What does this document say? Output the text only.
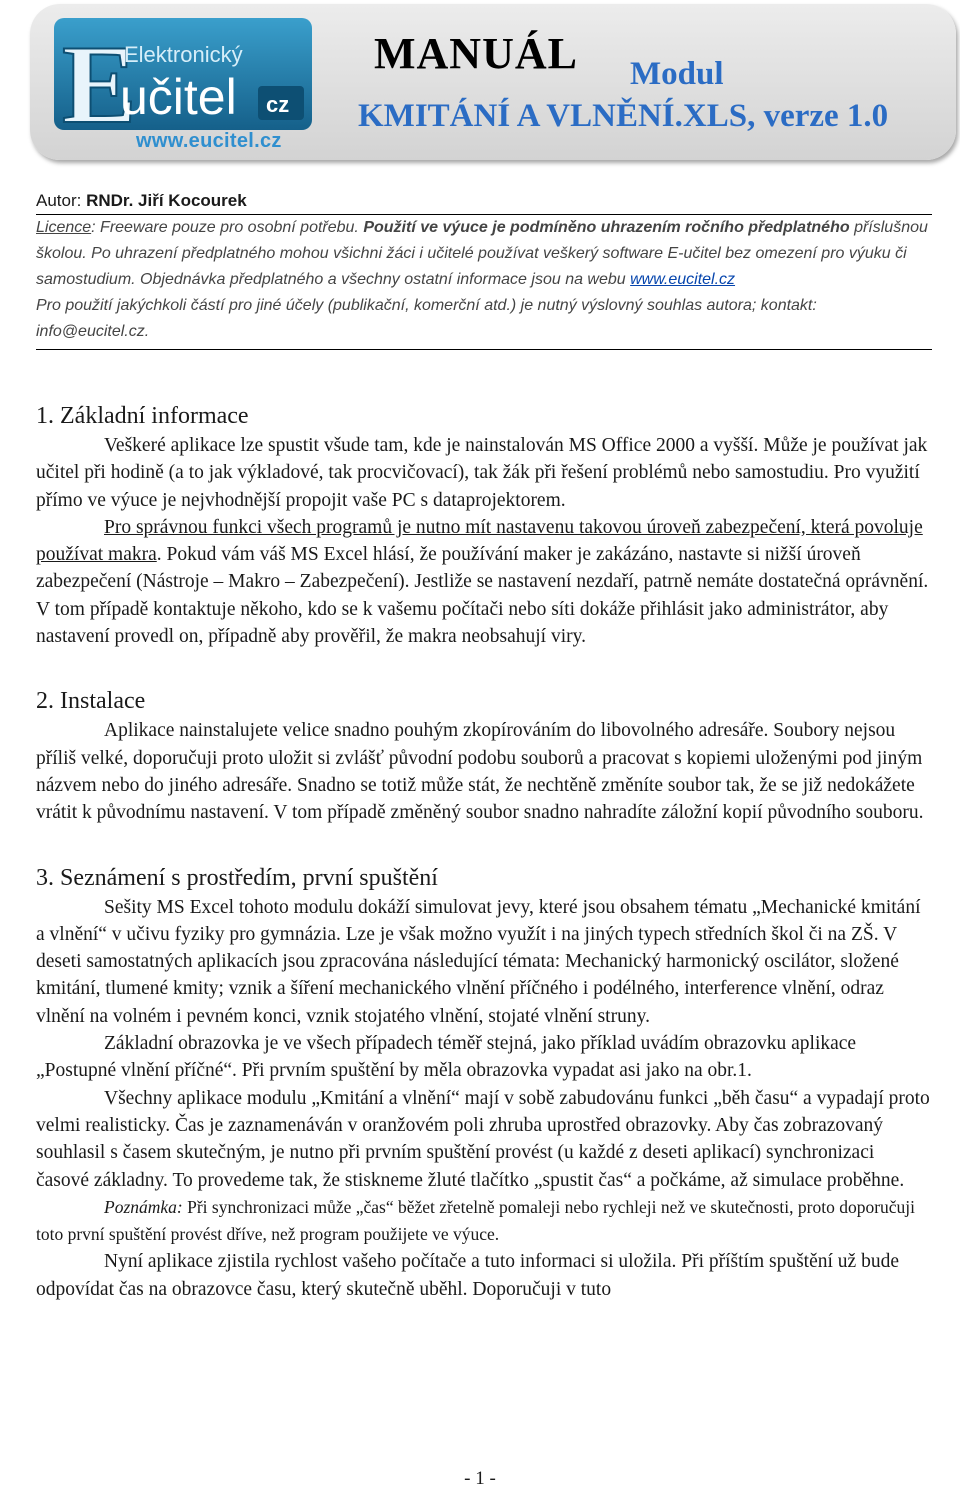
E
Elektronický
učitel cz
www.eucitel.cz
MANUÁL Modul
KMITÁNÍ A VLNĚNÍ.XLS, verze 1.0
Autor: RNDr. Jiří Kocourek
Licence: Freeware pouze pro osobní potřebu. Použití ve výuce je podmíněno uhrazením ročního předplatného příslušnou školou. Po uhrazení předplatného mohou všichni žáci i učitelé používat veškerý software E-učitel bez omezení pro výuku či samostudium. Objednávka předplatného a všechny ostatní informace jsou na webu www.eucitel.cz
Pro použití jakýchkoli částí pro jiné účely (publikační, komerční atd.) je nutný výslovný souhlas autora; kontakt: info@eucitel.cz.
1. Základní informace

Veškeré aplikace lze spustit všude tam, kde je nainstalován MS Office 2000 a vyšší. Může je používat jak učitel při hodině (a to jak výkladové, tak procvičovací), tak žák při řešení problémů nebo samostudiu. Pro využití přímo ve výuce je nejvhodnější propojit vaše PC s dataprojektorem.

Pro správnou funkci všech programů je nutno mít nastavenu takovou úroveň zabezpečení, která povoluje používat makra. Pokud vám váš MS Excel hlásí, že používání maker je zakázáno, nastavte si nižší úroveň zabezpečení (Nástroje – Makro – Zabezpečení). Jestliže se nastavení nezdaří, patrně nemáte dostatečná oprávnění. V tom případě kontaktuje někoho, kdo se k vašemu počítači nebo síti dokáže přihlásit jako administrátor, aby nastavení provedl on, případně aby prověřil, že makra neobsahují viry.

2. Instalace

Aplikace nainstalujete velice snadno pouhým zkopírováním do libovolného adresáře. Soubory nejsou příliš velké, doporučuji proto uložit si zvlášť původní podobu souborů a pracovat s kopiemi uloženými pod jiným názvem nebo do jiného adresáře. Snadno se totiž může stát, že nechtěně změníte soubor tak, že se již nedokážete vrátit k původnímu nastavení. V tom případě změněný soubor snadno nahradíte záložní kopií původního souboru.

3. Seznámení s prostředím, první spuštění

Sešity MS Excel tohoto modulu dokáží simulovat jevy, které jsou obsahem tématu „Mechanické kmitání a vlnění“ v učivu fyziky pro gymnázia. Lze je však možno využít i na jiných typech středních škol či na ZŠ. V deseti samostatných aplikacích jsou zpracována následující témata: Mechanický harmonický oscilátor, složené kmitání, tlumené kmity; vznik a šíření mechanického vlnění příčného i podélného, interference vlnění, odraz vlnění na volném i pevném konci, vznik stojatého vlnění, stojaté vlnění struny.

Základní obrazovka je ve všech případech téměř stejná, jako příklad uvádím obrazovku aplikace „Postupné vlnění příčné“. Při prvním spuštění by měla obrazovka vypadat asi jako na obr.1.

Všechny aplikace modulu „Kmitání a vlnění“ mají v sobě zabudovánu funkci „běh času“ a vypadají proto velmi realisticky. Čas je zaznamenáván v oranžovém poli zhruba uprostřed obrazovky. Aby čas zobrazovaný souhlasil s časem skutečným, je nutno při prvním spuštění provést (u každé z deseti aplikací) synchronizaci časové základny. To provedeme tak, že stiskneme žluté tlačítko „spustit čas“ a počkáme, až simulace proběhne.

Poznámka: Při synchronizaci může „čas“ běžet zřetelně pomaleji nebo rychleji než ve skutečnosti, proto doporučuji toto první spuštění provést dříve, než program použijete ve výuce.

Nyní aplikace zjistila rychlost vašeho počítače a tuto informaci si uložila. Při příštím spuštění už bude odpovídat čas na obrazovce času, který skutečně uběhl. Doporučuji v tuto

- 1 -
